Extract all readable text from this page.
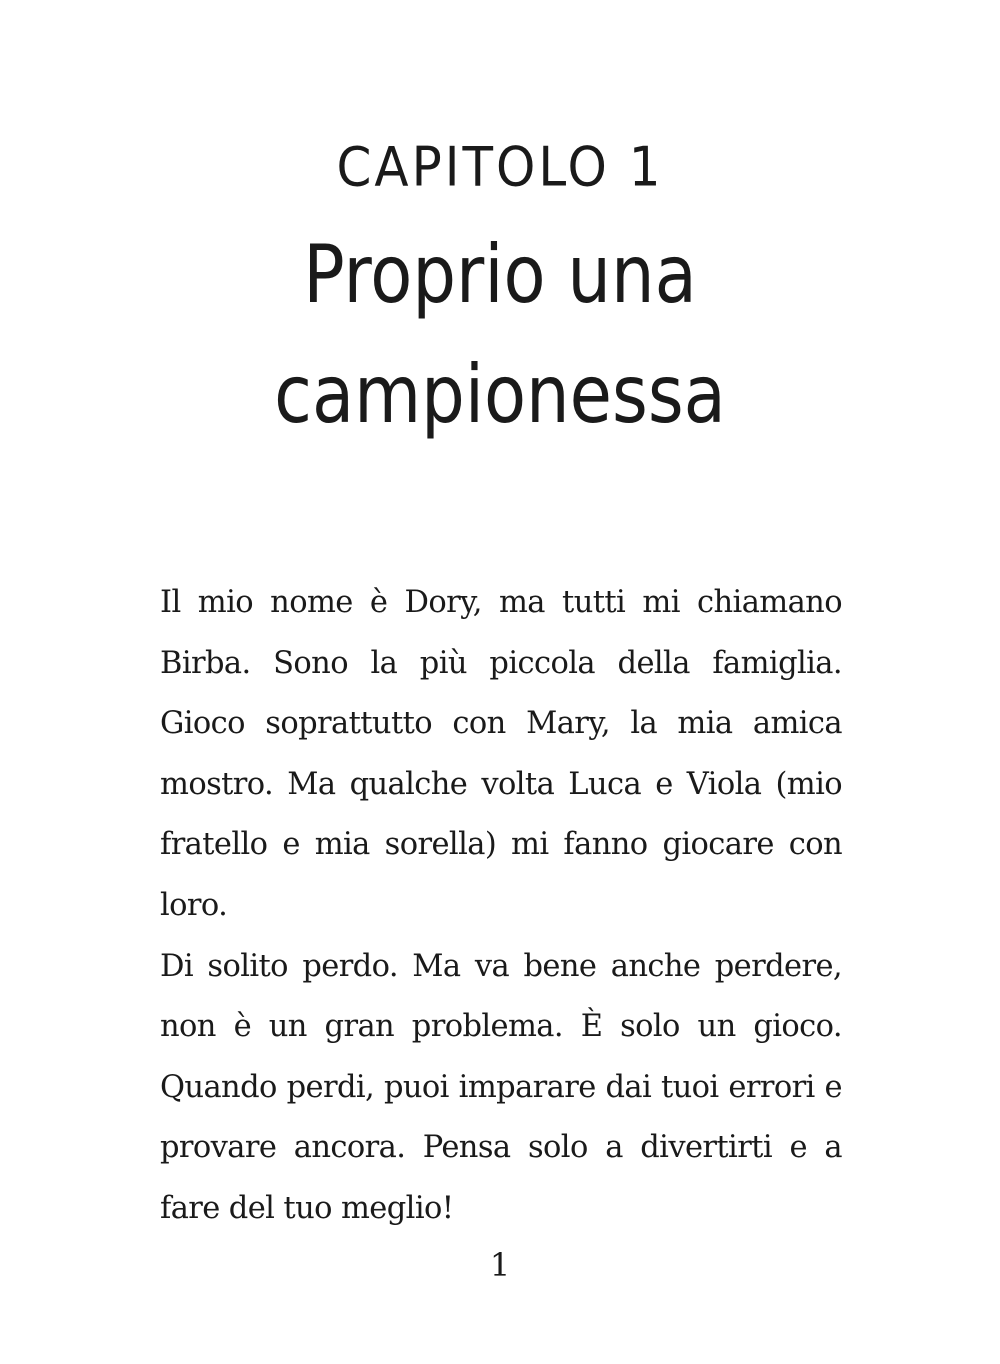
CAPITOLO 1
Proprio una
campionessa

Il mio nome è Dory, ma tutti mi chiamano Birba. Sono la più piccola della famiglia. Gioco soprattutto con Mary, la mia amica mostro. Ma qualche volta Luca e Viola (mio fratello e mia sorella) mi fanno giocare con loro.

Di solito perdo. Ma va bene anche perdere, non è un gran problema. È solo un gioco. Quando perdi, puoi imparare dai tuoi errori e provare ancora. Pensa solo a divertirti e a fare del tuo meglio!

1
